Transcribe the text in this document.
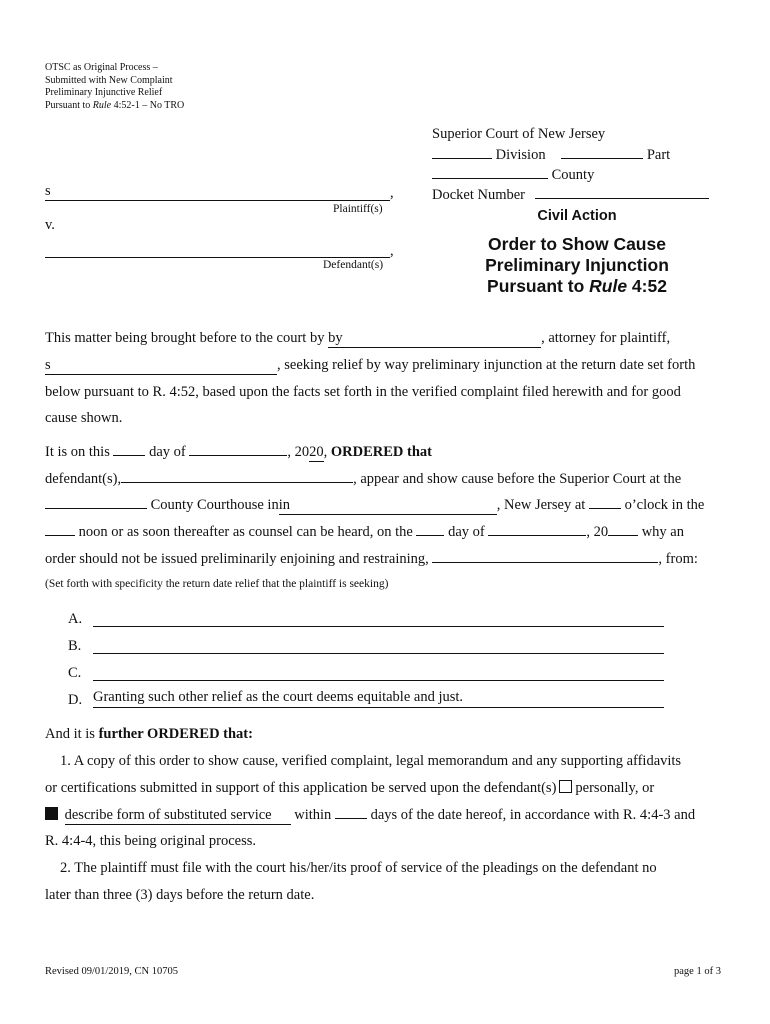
OTSC as Original Process –
Submitted with New Complaint
Preliminary Injunctive Relief
Pursuant to Rule 4:52-1 – No TRO
Superior Court of New Jersey
Division	Part
County
Docket Number
s	,
Plaintiff(s)
v.
,
Defendant(s)
Civil Action
Order to Show Cause
Preliminary Injunction
Pursuant to Rule 4:52
This matter being brought before to the court by by	, attorney for plaintiff,
s	, seeking relief by way preliminary injunction at the return date set forth
below pursuant to R. 4:52, based upon the facts set forth in the verified complaint filed herewith and for good
cause shown.
It is on this	day of	, 2020, ORDERED that
defendant(s),	, appear and show cause before the Superior Court at the
County Courthouse inin	, New Jersey at	o’clock in the
noon or as soon thereafter as counsel can be heard, on the day of	, 20 why an
order should not be issued preliminarily enjoining and restraining,	, from:
(Set forth with specificity the return date relief that the plaintiff is seeking)
A.
B.
C.
D. Granting such other relief as the court deems equitable and just.
And it is further ORDERED that:
1. A copy of this order to show cause, verified complaint, legal memorandum and any supporting affidavits
or certifications submitted in support of this application be served upon the defendant(s) personally, or
describe form of substituted service within	days of the date hereof, in accordance with R. 4:4-3 and
R. 4:4-4, this being original process.
2. The plaintiff must file with the court his/her/its proof of service of the pleadings on the defendant no
later than three (3) days before the return date.
Revised 09/01/2019, CN 10705	page 1 of 3
